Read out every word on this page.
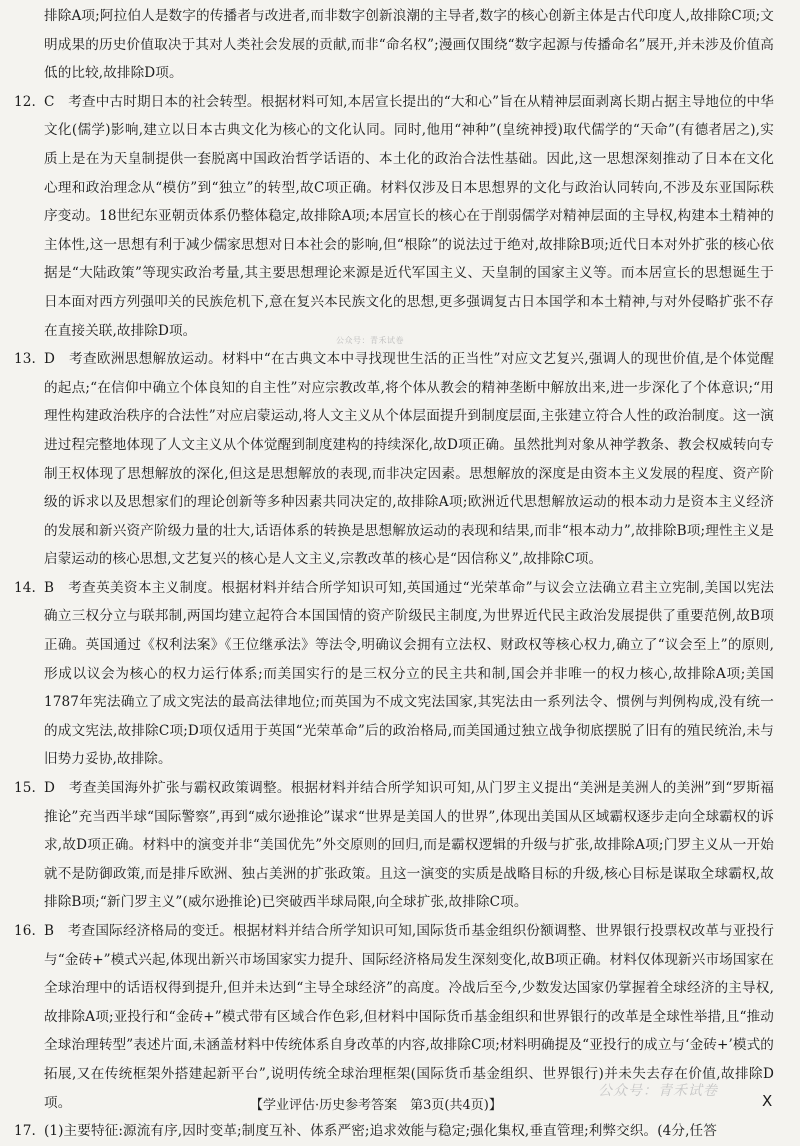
排除A项;阿拉伯人是数字的传播者与改进者,而非数字创新浪潮的主导者,数字的核心创新主体是古代印度人,故排除C项;文明成果的历史价值取决于其对人类社会发展的贡献,而非“命名权”;漫画仅围绕“数字起源与传播命名”展开,并未涉及价值高低的比较,故排除D项。

12. C　考查中古时期日本的社会转型。根据材料可知,本居宣长提出的“大和心”旨在从精神层面剥离长期占据主导地位的中华文化(儒学)影响,建立以日本古典文化为核心的文化认同。同时,他用“神种”(皇统神授)取代儒学的“天命”(有德者居之),实质上是在为天皇制提供一套脱离中国政治哲学话语的、本土化的政治合法性基础。因此,这一思想深刻推动了日本在文化心理和政治理念从“模仿”到“独立”的转型,故C项正确。材料仅涉及日本思想界的文化与政治认同转向,不涉及东亚国际秩序变动。18世纪东亚朝贡体系仍整体稳定,故排除A项;本居宣长的核心在于削弱儒学对精神层面的主导权,构建本土精神的主体性,这一思想有利于减少儒家思想对日本社会的影响,但“根除”的说法过于绝对,故排除B项;近代日本对外扩张的核心依据是“大陆政策”等现实政治考量,其主要思想理论来源是近代军国主义、天皇制的国家主义等。而本居宣长的思想诞生于日本面对西方列强叩关的民族危机下,意在复兴本民族文化的思想,更多强调复古日本国学和本土精神,与对外侵略扩张不存在直接关联,故排除D项。

13. D　考查欧洲思想解放运动。材料中“在古典文本中寻找现世生活的正当性”对应文艺复兴,强调人的现世价值,是个体觉醒的起点;“在信仰中确立个体良知的自主性”对应宗教改革,将个体从教会的精神垄断中解放出来,进一步深化了个体意识;“用理性构建政治秩序的合法性”对应启蒙运动,将人文主义从个体层面提升到制度层面,主张建立符合人性的政治制度。这一演进过程完整地体现了人文主义从个体觉醒到制度建构的持续深化,故D项正确。虽然批判对象从神学教条、教会权威转向专制王权体现了思想解放的深化,但这是思想解放的表现,而非决定因素。思想解放的深度是由资本主义发展的程度、资产阶级的诉求以及思想家们的理论创新等多种因素共同决定的,故排除A项;欧洲近代思想解放运动的根本动力是资本主义经济的发展和新兴资产阶级力量的壮大,话语体系的转换是思想解放运动的表现和结果,而非“根本动力”,故排除B项;理性主义是启蒙运动的核心思想,文艺复兴的核心是人文主义,宗教改革的核心是“因信称义”,故排除C项。

14. B　考查英美资本主义制度。根据材料并结合所学知识可知,英国通过“光荣革命”与议会立法确立君主立宪制,美国以宪法确立三权分立与联邦制,两国均建立起符合本国国情的资产阶级民主制度,为世界近代民主政治发展提供了重要范例,故B项正确。英国通过《权利法案》《王位继承法》等法令,明确议会拥有立法权、财政权等核心权力,确立了“议会至上”的原则,形成以议会为核心的权力运行体系;而美国实行的是三权分立的民主共和制,国会并非唯一的权力核心,故排除A项;美国1787年宪法确立了成文宪法的最高法律地位;而英国为不成文宪法国家,其宪法由一系列法令、惯例与判例构成,没有统一的成文宪法,故排除C项;D项仅适用于英国“光荣革命”后的政治格局,而美国通过独立战争彻底摆脱了旧有的殖民统治,未与旧势力妥协,故排除。

15. D　考查美国海外扩张与霸权政策调整。根据材料并结合所学知识可知,从门罗主义提出“美洲是美洲人的美洲”到“罗斯福推论”充当西半球“国际警察”,再到“威尔逊推论”谋求“世界是美国人的世界”,体现出美国从区域霸权逐步走向全球霸权的诉求,故D项正确。材料中的演变并非“美国优先”外交原则的回归,而是霸权逻辑的升级与扩张,故排除A项;门罗主义从一开始就不是防御政策,而是排斥欧洲、独占美洲的扩张政策。且这一演变的实质是战略目标的升级,核心目标是谋取全球霸权,故排除B项;“新门罗主义”(威尔逊推论)已突破西半球局限,向全球扩张,故排除C项。

16. B　考查国际经济格局的变迁。根据材料并结合所学知识可知,国际货币基金组织份额调整、世界银行投票权改革与亚投行与“金砖+”模式兴起,体现出新兴市场国家实力提升、国际经济格局发生深刻变化,故B项正确。材料仅体现新兴市场国家在全球治理中的话语权得到提升,但并未达到“主导全球经济”的高度。冷战后至今,少数发达国家仍掌握着全球经济的主导权,故排除A项;亚投行和“金砖+”模式带有区域合作色彩,但材料中国际货币基金组织和世界银行的改革是全球性举措,且“推动全球治理转型”表述片面,未涵盖材料中传统体系自身改革的内容,故排除C项;材料明确提及“亚投行的成立与‘金砖+’模式的拓展,又在传统框架外搭建起新平台”,说明传统全球治理框架(国际货币基金组织、世界银行)并未失去存在价值,故排除D项。

17. (1)主要特征:源流有序,因时变革;制度互补、体系严密;追求效能与稳定;强化集权,垂直管理;利弊交织。(4分,任答

公众号：青禾试卷
公众号：青禾试卷
【学业评估·历史参考答案　第3页(共4页)】	X
